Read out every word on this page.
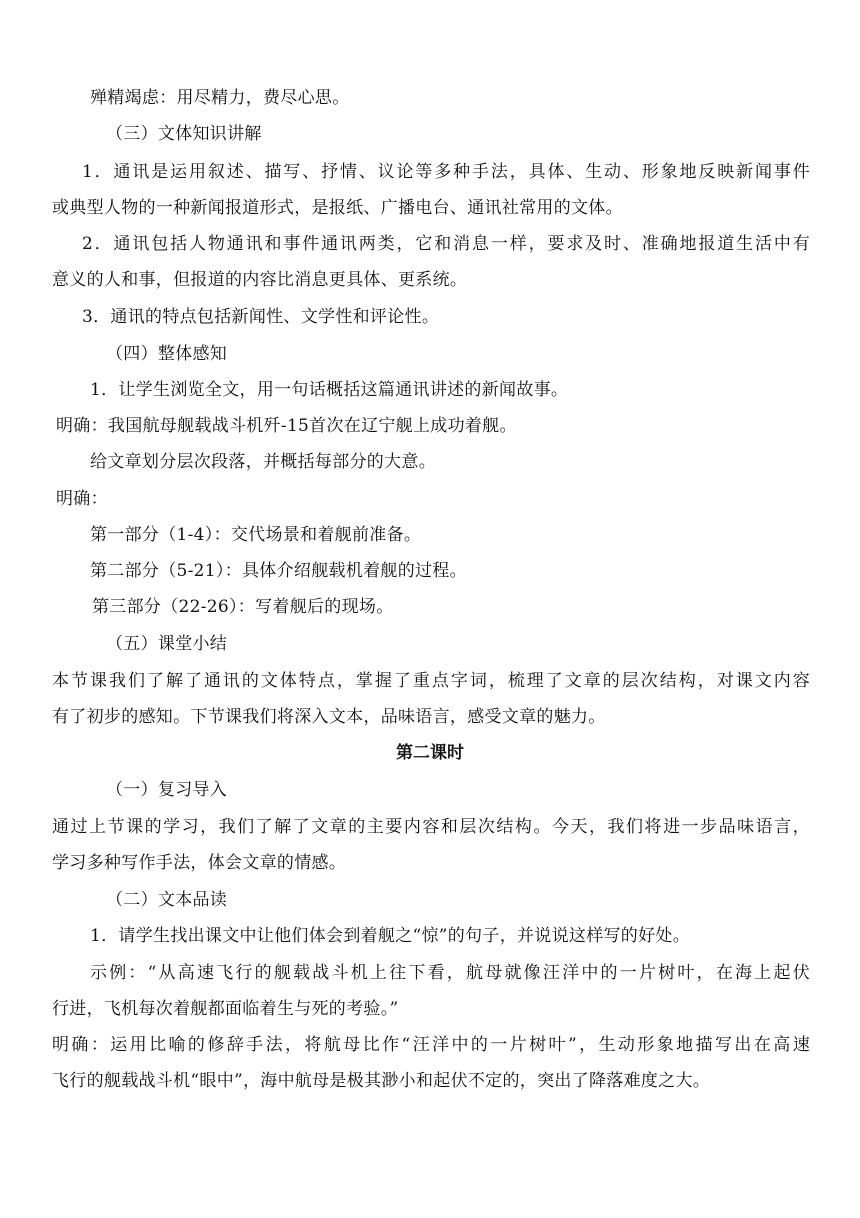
殚精竭虑：用尽精力，费尽心思。
（三）文体知识讲解
1．通讯是运用叙述、描写、抒情、议论等多种手法，具体、生动、形象地反映新闻事件
或典型人物的一种新闻报道形式，是报纸、广播电台、通讯社常用的文体。
2．通讯包括人物通讯和事件通讯两类，它和消息一样，要求及时、准确地报道生活中有
意义的人和事，但报道的内容比消息更具体、更系统。
3．通讯的特点包括新闻性、文学性和评论性。
（四）整体感知
1．让学生浏览全文，用一句话概括这篇通讯讲述的新闻故事。
明确：我国航母舰载战斗机歼-15首次在辽宁舰上成功着舰。
给文章划分层次段落，并概括每部分的大意。
明确：
第一部分（1-4）：交代场景和着舰前准备。
第二部分（5-21）：具体介绍舰载机着舰的过程。
第三部分（22-26）：写着舰后的现场。
（五）课堂小结
本节课我们了解了通讯的文体特点，掌握了重点字词，梳理了文章的层次结构，对课文内容
有了初步的感知。下节课我们将深入文本，品味语言，感受文章的魅力。
第二课时
（一）复习导入
通过上节课的学习，我们了解了文章的主要内容和层次结构。今天，我们将进一步品味语言，
学习多种写作手法，体会文章的情感。
（二）文本品读
1．请学生找出课文中让他们体会到着舰之“惊”的句子，并说说这样写的好处。
示例：“从高速飞行的舰载战斗机上往下看，航母就像汪洋中的一片树叶，在海上起伏
行进，飞机每次着舰都面临着生与死的考验。”
明确：运用比喻的修辞手法，将航母比作“汪洋中的一片树叶”，生动形象地描写出在高速
飞行的舰载战斗机“眼中”，海中航母是极其渺小和起伏不定的，突出了降落难度之大。
